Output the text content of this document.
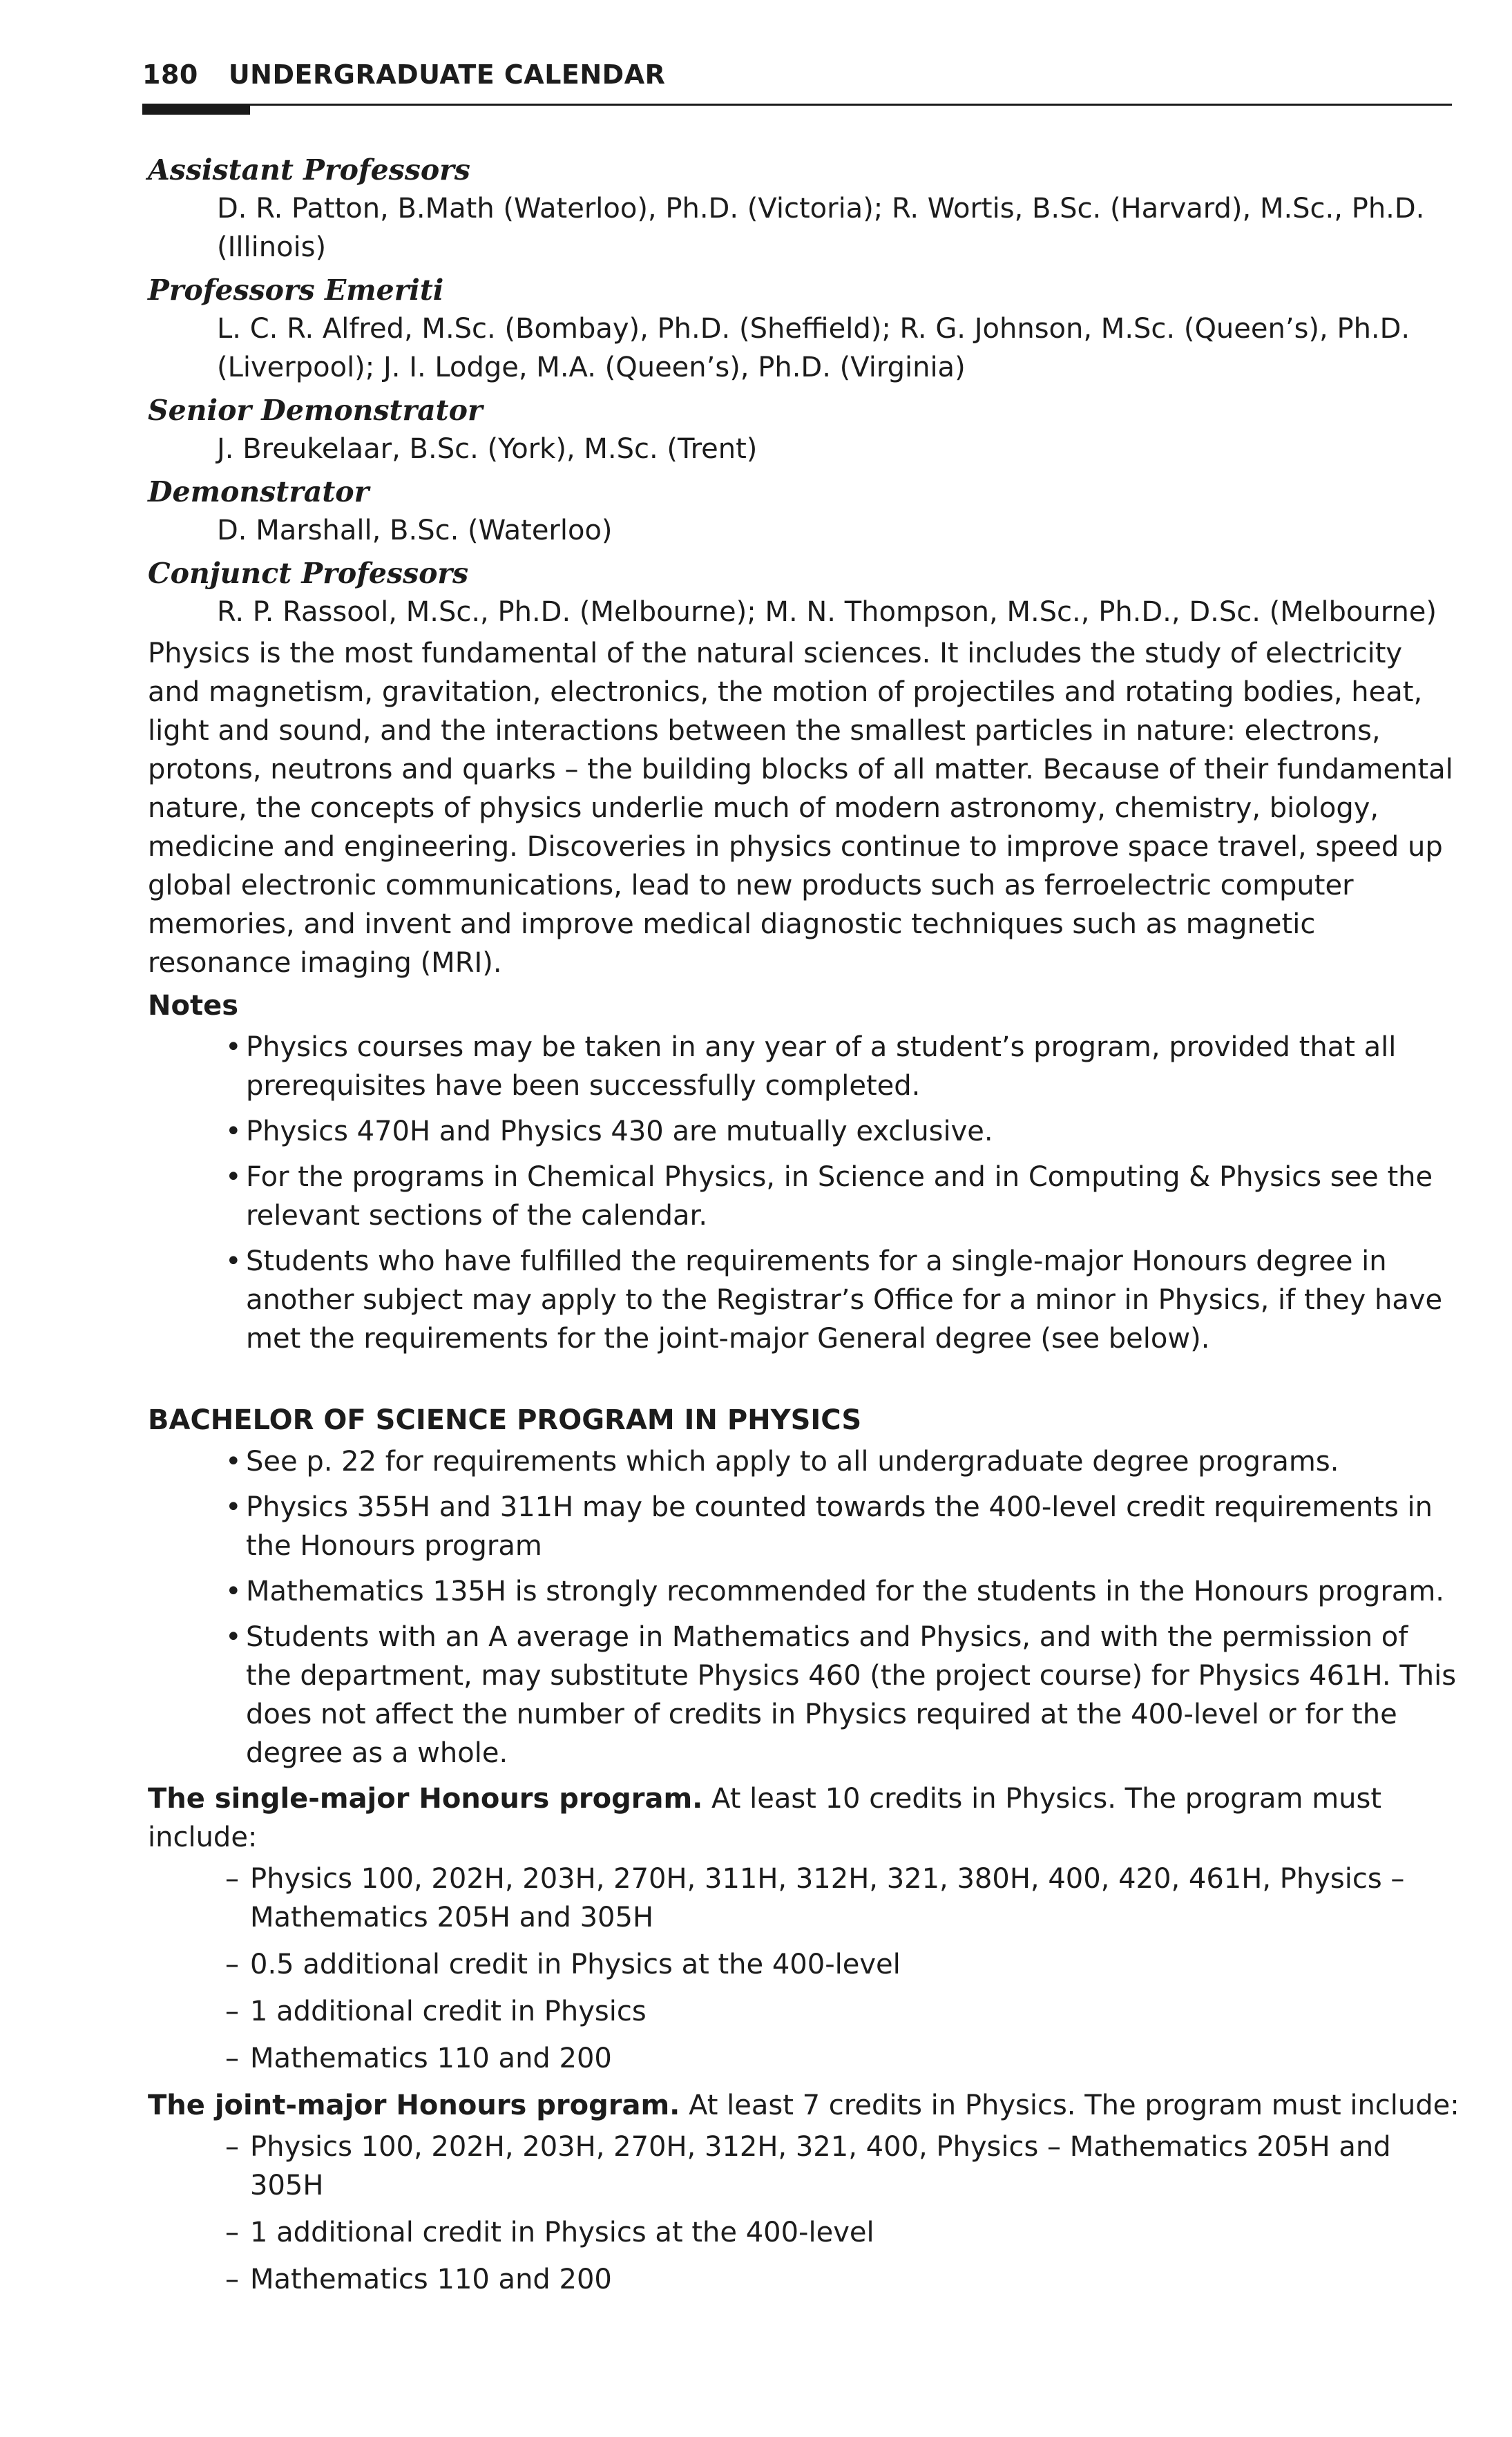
180 UNDERGRADUATE CALENDAR
Assistant Professors
D. R. Patton, B.Math (Waterloo), Ph.D. (Victoria); R. Wortis, B.Sc. (Harvard), M.Sc., Ph.D. (Illinois)
Professors Emeriti
L. C. R. Alfred, M.Sc. (Bombay), Ph.D. (Sheffield); R. G. Johnson, M.Sc. (Queen’s), Ph.D. (Liverpool); J. I. Lodge, M.A. (Queen’s), Ph.D. (Virginia)
Senior Demonstrator
J. Breukelaar, B.Sc. (York), M.Sc. (Trent)
Demonstrator
D. Marshall, B.Sc. (Waterloo)
Conjunct Professors
R. P. Rassool, M.Sc., Ph.D. (Melbourne); M. N. Thompson, M.Sc., Ph.D., D.Sc. (Melbourne)
Physics is the most fundamental of the natural sciences. It includes the study of electricity and magnetism, gravitation, electronics, the motion of projectiles and rotating bodies, heat, light and sound, and the interactions between the smallest particles in nature: electrons, protons, neutrons and quarks – the building blocks of all matter. Because of their fundamental nature, the concepts of physics underlie much of modern astronomy, chemistry, biology, medicine and engineering. Discoveries in physics continue to improve space travel, speed up global electronic communications, lead to new products such as ferroelectric computer memories, and invent and improve medical diagnostic techniques such as magnetic resonance imaging (MRI).
Notes
• Physics courses may be taken in any year of a student’s program, provided that all prerequisites have been successfully completed.
• Physics 470H and Physics 430 are mutually exclusive.
• For the programs in Chemical Physics, in Science and in Computing & Physics see the relevant sections of the calendar.
• Students who have fulfilled the requirements for a single-major Honours degree in another subject may apply to the Registrar’s Office for a minor in Physics, if they have met the requirements for the joint-major General degree (see below).
BACHELOR OF SCIENCE PROGRAM IN PHYSICS
• See p. 22 for requirements which apply to all undergraduate degree programs.
• Physics 355H and 311H may be counted towards the 400-level credit requirements in the Honours program
• Mathematics 135H is strongly recommended for the students in the Honours program.
• Students with an A average in Mathematics and Physics, and with the permission of the department, may substitute Physics 460 (the project course) for Physics 461H. This does not affect the number of credits in Physics required at the 400-level or for the degree as a whole.
The single-major Honours program. At least 10 credits in Physics. The program must include:
– Physics 100, 202H, 203H, 270H, 311H, 312H, 321, 380H, 400, 420, 461H, Physics – Mathematics 205H and 305H
– 0.5 additional credit in Physics at the 400-level
– 1 additional credit in Physics
– Mathematics 110 and 200
The joint-major Honours program. At least 7 credits in Physics. The program must include:
– Physics 100, 202H, 203H, 270H, 312H, 321, 400, Physics – Mathematics 205H and 305H
– 1 additional credit in Physics at the 400-level
– Mathematics 110 and 200
